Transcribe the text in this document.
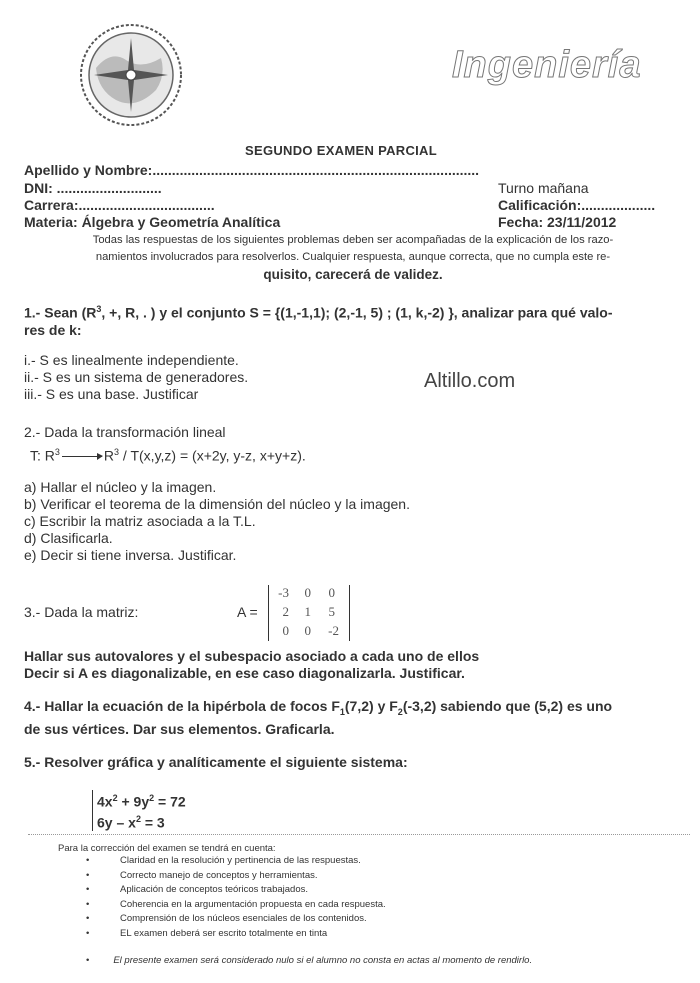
Ingeniería
SEGUNDO EXAMEN PARCIAL
Apellido y Nombre:....................................................................................
DNI: ...........................	Turno mañana
Carrera:...................................	Calificación:...................
Materia: Álgebra y Geometría Analítica	Fecha: 23/11/2012
Todas las respuestas de los siguientes problemas deben ser acompañadas de la explicación de los razo-
namientos involucrados para resolverlos. Cualquier respuesta, aunque correcta, que no cumpla este re-
quisito, carecerá de validez.
1.- Sean ($R^3$, +, R, . ) y el conjunto S = {(1,-1,1); (2,-1, 5) ; (1, k,-2) }, analizar para qué valo-
res de k:
i.- S es linealmente independiente.
ii.- S es un sistema de generadores.
iii.- S es una base. Justificar
Altillo.com
2.- Dada la transformación lineal
T: $R^3$	$R^3 / T(x,y,z) = (x+2y$, y-z, x+y+z).
a) Hallar el núcleo y la imagen.
b) Verificar el teorema de la dimensión del núcleo y la imagen.
c) Escribir la matriz asociada a la T.L.
d) Clasificarla.
e) Decir si tiene inversa. Justificar.
3.- Dada la matriz:	A =
-3	0	0
2	1	5
0	0	-2
Hallar sus autovalores y el subespacio asociado a cada uno de ellos
Decir si A es diagonalizable, en ese caso diagonalizarla. Justificar.
4.- Hallar la ecuación de la hipérbola de focos $F_1(7,2)$ y $F_2(-3,2)$ sabiendo que (5,2) es uno
de sus vértices. Dar sus elementos. Graficarla.
5.- Resolver gráfica y analíticamente el siguiente sistema:
$4x^2 + 9y^2 = 72$
$6y - x^2 = 3$
Para la corrección del examen se tendrá en cuenta:
• Claridad en la resolución y pertinencia de las respuestas.
• Correcto manejo de conceptos y herramientas.
• Aplicación de conceptos teóricos trabajados.
• Coherencia en la argumentación propuesta en cada respuesta.
• Comprensión de los núcleos esenciales de los contenidos.
• EL examen deberá ser escrito totalmente en tinta
• El presente examen será considerado nulo si el alumno no consta en actas al momento de rendirlo.
